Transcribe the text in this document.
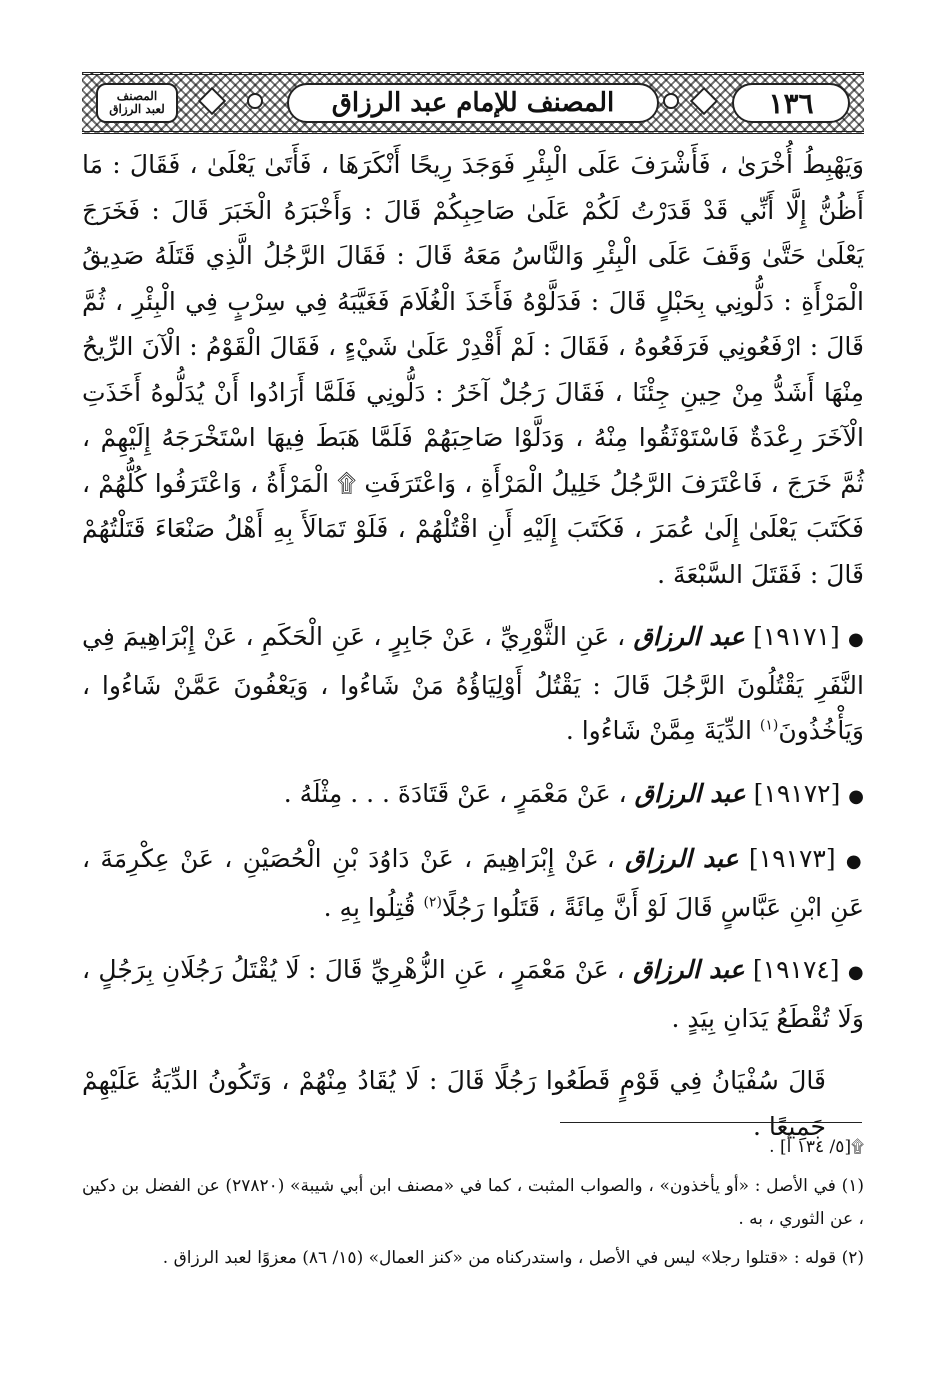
المصنف
لعبد الرزاق	المصنف للإمام عبد الرزاق	١٣٦

وَيَهْبِطُ أُخْرَىٰ ، فَأَشْرَفَ عَلَى الْبِئْرِ فَوَجَدَ رِيحًا أَنْكَرَهَا ، فَأَتَىٰ يَعْلَىٰ ، فَقَالَ : مَا أَظُنُّ إِلَّا أَنِّي قَدْ قَدَرْتُ لَكُمْ عَلَىٰ صَاحِبِكُمْ قَالَ : وَأَخْبَرَهُ الْخَبَرَ قَالَ : فَخَرَجَ يَعْلَىٰ حَتَّىٰ وَقَفَ عَلَى الْبِئْرِ وَالنَّاسُ مَعَهُ قَالَ : فَقَالَ الرَّجُلُ الَّذِي قَتَلَهُ صَدِيقُ الْمَرْأَةِ : دَلُّونِي بِحَبْلٍ قَالَ : فَدَلَّوْهُ فَأَخَذَ الْغُلَامَ فَغَيَّبَهُ فِي سِرْبٍ فِي الْبِئْرِ ، ثُمَّ قَالَ : ارْفَعُونِي فَرَفَعُوهُ ، فَقَالَ : لَمْ أَقْدِرْ عَلَىٰ شَيْءٍ ، فَقَالَ الْقَوْمُ : الْآنَ الرِّيحُ مِنْهَا أَشَدُّ مِنْ حِينِ جِئْنَا ، فَقَالَ رَجُلٌ آخَرُ : دَلُّونِي فَلَمَّا أَرَادُوا أَنْ يُدَلُّوهُ أَخَذَتِ الْآخَرَ رِعْدَةٌ فَاسْتَوْثَقُوا مِنْهُ ، وَدَلَّوْا صَاحِبَهُمْ فَلَمَّا هَبَطَ فِيهَا اسْتَخْرَجَهُ إِلَيْهِمْ ، ثُمَّ خَرَجَ ، فَاعْتَرَفَ الرَّجُلُ خَلِيلُ الْمَرْأَةِ ، وَاعْتَرَفَتِ ۩ الْمَرْأَةُ ، وَاعْتَرَفُوا كُلُّهُمْ ، فَكَتَبَ يَعْلَىٰ إِلَىٰ عُمَرَ ، فَكَتَبَ إِلَيْهِ أَنِ اقْتُلْهُمْ ، فَلَوْ تَمَالَأَ بِهِ أَهْلُ صَنْعَاءَ قَتَلْتُهُمْ قَالَ : فَقَتَلَ السَّبْعَةَ .

● [١٩١٧١] عبد الرزاق ، عَنِ الثَّوْرِيِّ ، عَنْ جَابِرٍ ، عَنِ الْحَكَمِ ، عَنْ إِبْرَاهِيمَ فِي النَّفَرِ يَقْتُلُونَ الرَّجُلَ قَالَ : يَقْتُلُ أَوْلِيَاؤُهُ مَنْ شَاءُوا ، وَيَعْفُونَ عَمَّنْ شَاءُوا ، وَيَأْخُذُونَ$^{(١)}$ الدِّيَةَ مِمَّنْ شَاءُوا .

● [١٩١٧٢] عبد الرزاق ، عَنْ مَعْمَرٍ ، عَنْ قَتَادَةَ . . . مِثْلَهُ .

● [١٩١٧٣] عبد الرزاق ، عَنْ إِبْرَاهِيمَ ، عَنْ دَاوُدَ بْنِ الْحُصَيْنِ ، عَنْ عِكْرِمَةَ ، عَنِ ابْنِ عَبَّاسٍ قَالَ لَوْ أَنَّ مِائَةً ، قَتَلُوا رَجُلًا$^{(٢)}$ قُتِلُوا بِهِ .

● [١٩١٧٤] عبد الرزاق ، عَنْ مَعْمَرٍ ، عَنِ الزُّهْرِيِّ قَالَ : لَا يُقْتَلُ رَجُلَانِ بِرَجُلٍ ، وَلَا تُقْطَعُ يَدَانِ بِيَدٍ .

قَالَ سُفْيَانُ فِي قَوْمٍ قَطَعُوا رَجُلًا قَالَ : لَا يُقَادُ مِنْهُمْ ، وَتَكُونُ الدِّيَةُ عَلَيْهِمْ جَمِيعًا .

۩[٥/ ١٣٤ أ] .

(١) في الأصل : «أو يأخذون» ، والصواب المثبت ، كما في «مصنف ابن أبي شيبة» (٢٧٨٢٠) عن الفضل بن دكين ، عن الثوري ، به .

(٢) قوله : «قتلوا رجلا» ليس في الأصل ، واستدركناه من «كنز العمال» (١٥/ ٨٦) معزوًا لعبد الرزاق .
